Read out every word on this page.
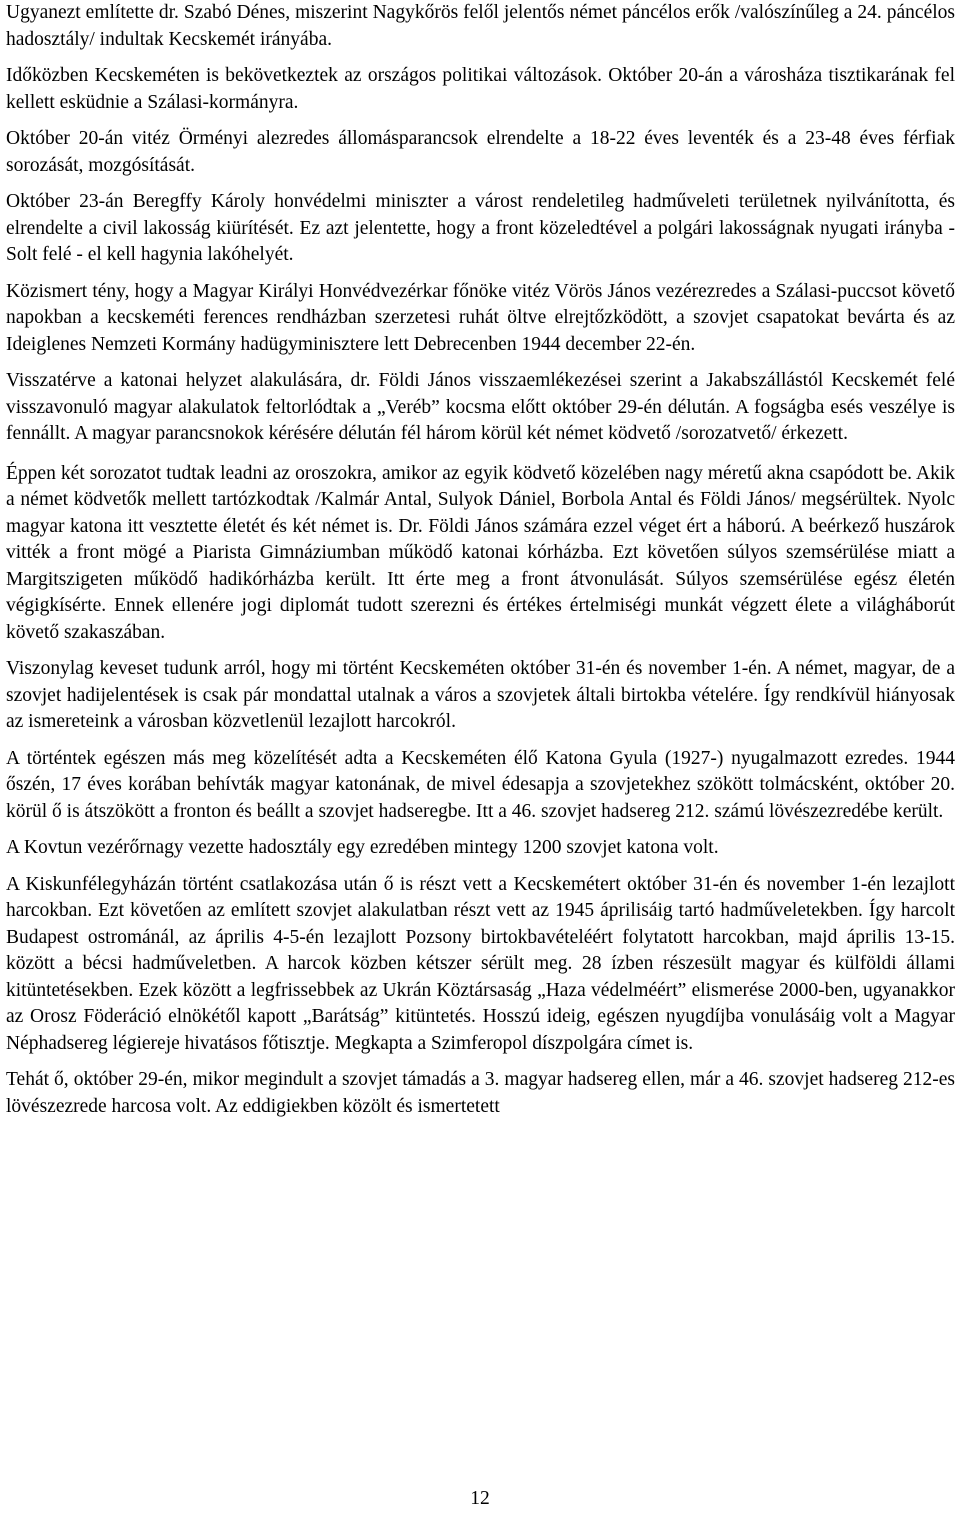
Ugyanezt említette dr. Szabó Dénes, miszerint Nagykőrös felől jelentős német páncélos erők /valószínűleg a 24. páncélos hadosztály/ indultak Kecskemét irányába.

Időközben Kecskeméten is bekövetkeztek az országos politikai változások. Október 20-án a városháza tisztikarának fel kellett esküdnie a Szálasi-kormányra.

Október 20-án vitéz Örményi alezredes állomásparancsok elrendelte a 18-22 éves leventék és a 23-48 éves férfiak sorozását, mozgósítását.

Október 23-án Beregffy Károly honvédelmi miniszter a várost rendeletileg hadműveleti területnek nyilvánította, és elrendelte a civil lakosság kiürítését. Ez azt jelentette, hogy a front közeledtével a polgári lakosságnak nyugati irányba - Solt felé - el kell hagynia lakóhelyét.

Közismert tény, hogy a Magyar Királyi Honvédvezérkar főnöke vitéz Vörös János vezérezredes a Szálasi-puccsot követő napokban a kecskeméti ferences rendházban szerzetesi ruhát öltve elrejtőzködött, a szovjet csapatokat bevárta és az Ideiglenes Nemzeti Kormány hadügyminisztere lett Debrecenben 1944 december 22-én.

Visszatérve a katonai helyzet alakulására, dr. Földi János visszaemlékezései szerint a Jakabszállástól Kecskemét felé visszavonuló magyar alakulatok feltorlódtak a „Veréb” kocsma előtt október 29-én délután. A fogságba esés veszélye is fennállt. A magyar parancsnokok kérésére délután fél három körül két német ködvető /sorozatvető/ érkezett.

Éppen két sorozatot tudtak leadni az oroszokra, amikor az egyik ködvető közelében nagy méretű akna csapódott be. Akik a német ködvetők mellett tartózkodtak /Kalmár Antal, Sulyok Dániel, Borbola Antal és Földi János/ megsérültek. Nyolc magyar katona itt vesztette életét és két német is. Dr. Földi János számára ezzel véget ért a háború. A beérkező huszárok vitték a front mögé a Piarista Gimnáziumban működő katonai kórházba. Ezt követően súlyos szemsérülése miatt a Margitszigeten működő hadikórházba került. Itt érte meg a front átvonulását. Súlyos szemsérülése egész életén végigkísérte. Ennek ellenére jogi diplomát tudott szerezni és értékes értelmiségi munkát végzett élete a világháborút követő szakaszában.

Viszonylag keveset tudunk arról, hogy mi történt Kecskeméten október 31-én és november 1-én. A német, magyar, de a szovjet hadijelentések is csak pár mondattal utalnak a város a szovjetek általi birtokba vételére. Így rendkívül hiányosak az ismereteink a városban közvetlenül lezajlott harcokról.

A történtek egészen más meg közelítését adta a Kecskeméten élő Katona Gyula (1927-) nyugalmazott ezredes. 1944 őszén, 17 éves korában behívták magyar katonának, de mivel édesapja a szovjetekhez szökött tolmácsként, október 20. körül ő is átszökött a fronton és beállt a szovjet hadseregbe. Itt a 46. szovjet hadsereg 212. számú lövészezredébe került.

A Kovtun vezérőrnagy vezette hadosztály egy ezredében mintegy 1200 szovjet katona volt.

A Kiskunfélegyházán történt csatlakozása után ő is részt vett a Kecskemétert október 31-én és november 1-én lezajlott harcokban. Ezt követően az említett szovjet alakulatban részt vett az 1945 áprilisáig tartó hadműveletekben. Így harcolt Budapest ostrománál, az április 4-5-én lezajlott Pozsony birtokbavételéért folytatott harcokban, majd április 13-15. között a bécsi hadműveletben. A harcok közben kétszer sérült meg. 28 ízben részesült magyar és külföldi állami kitüntetésekben. Ezek között a legfrissebbek az Ukrán Köztársaság „Haza védelméért” elismerése 2000-ben, ugyanakkor az Orosz Föderáció elnökétől kapott „Barátság” kitüntetés. Hosszú ideig, egészen nyugdíjba vonulásáig volt a Magyar Néphadsereg légiereje hivatásos főtisztje. Megkapta a Szimferopol díszpolgára címet is.

Tehát ő, október 29-én, mikor megindult a szovjet támadás a 3. magyar hadsereg ellen, már a 46. szovjet hadsereg 212-es lövészezrede harcosa volt. Az eddigiekben közölt és ismertetett

12
